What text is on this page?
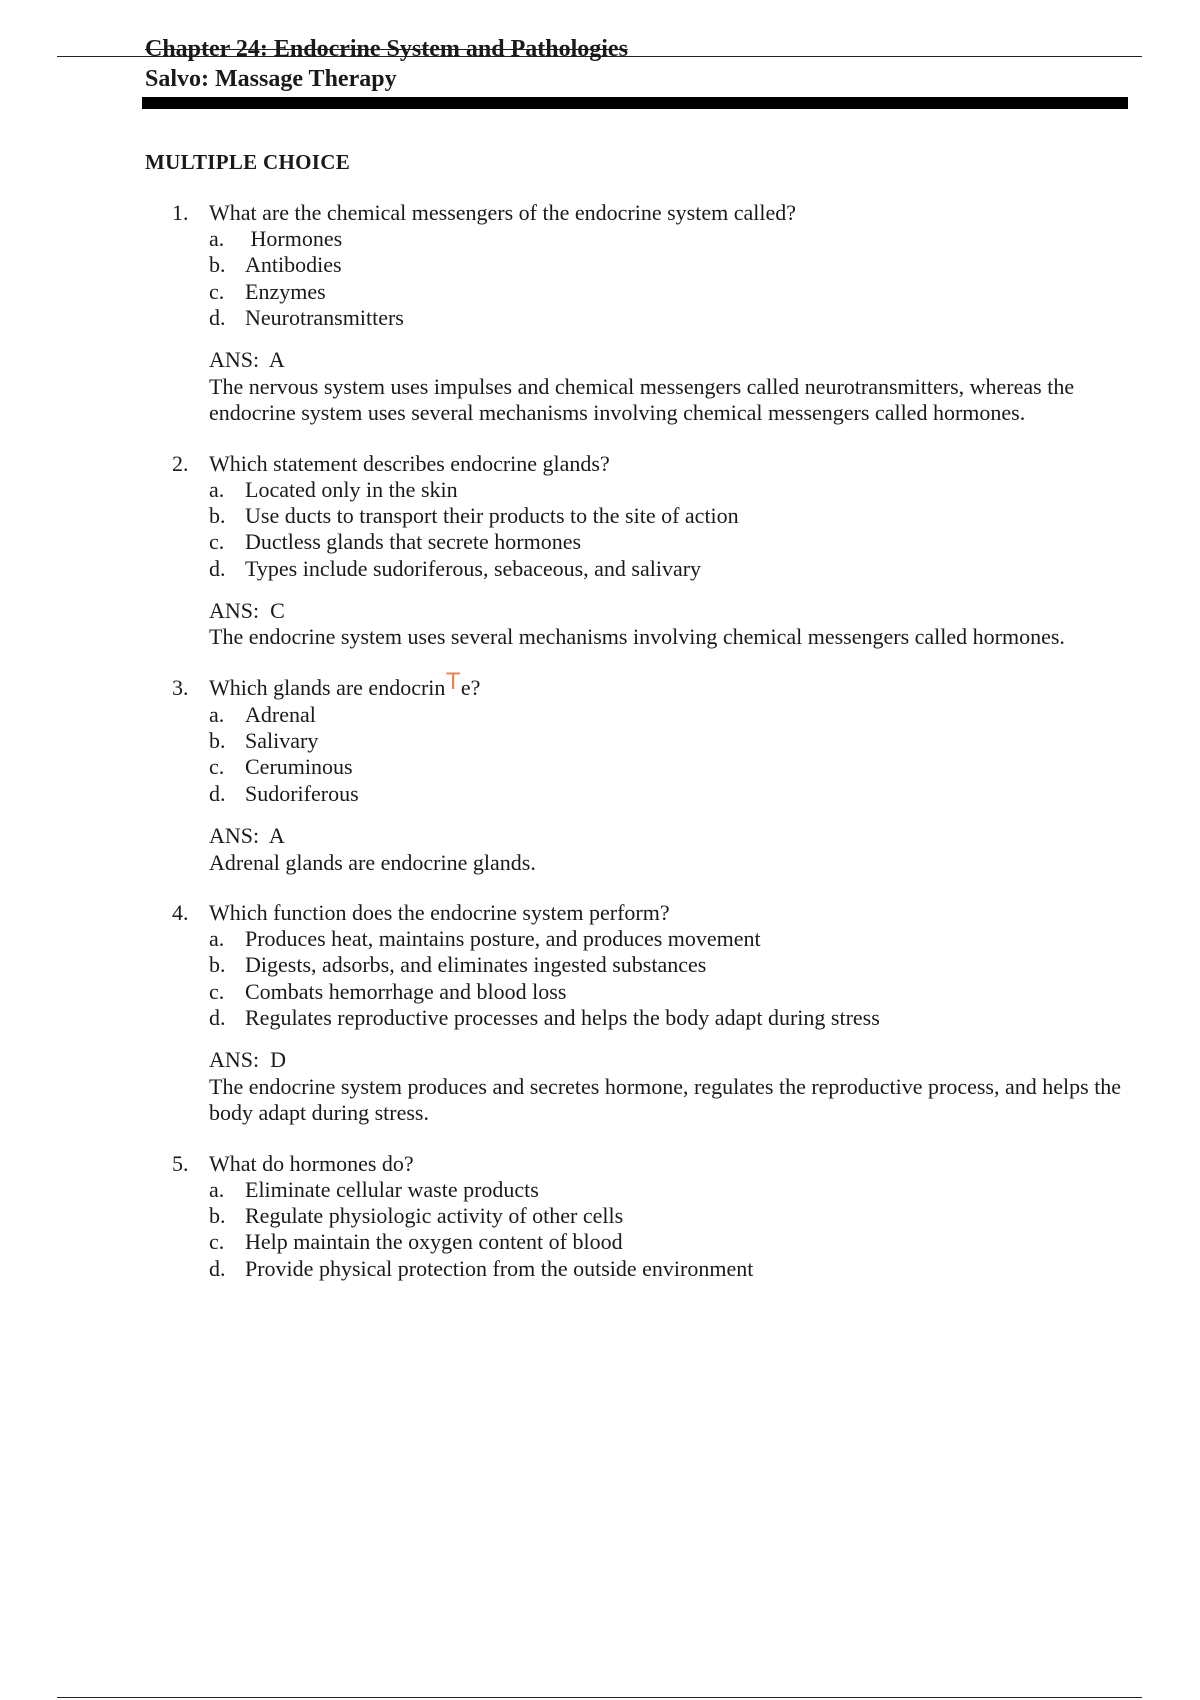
Chapter 24: Endocrine System and Pathologies
Salvo: Massage Therapy
MULTIPLE CHOICE
1. What are the chemical messengers of the endocrine system called?
a. Hormones
b. Antibodies
c. Enzymes
d. Neurotransmitters
ANS:  A
The nervous system uses impulses and chemical messengers called neurotransmitters, whereas the endocrine system uses several mechanisms involving chemical messengers called hormones.
2. Which statement describes endocrine glands?
a. Located only in the skin
b. Use ducts to transport their products to the site of action
c. Ductless glands that secrete hormones
d. Types include sudoriferous, sebaceous, and salivary
ANS:  C
The endocrine system uses several mechanisms involving chemical messengers called hormones.
3. Which glands are endocrinTe?
a. Adrenal
b. Salivary
c. Ceruminous
d. Sudoriferous
ANS:  A
Adrenal glands are endocrine glands.
4. Which function does the endocrine system perform?
a. Produces heat, maintains posture, and produces movement
b. Digests, adsorbs, and eliminates ingested substances
c. Combats hemorrhage and blood loss
d. Regulates reproductive processes and helps the body adapt during stress
ANS:  D
The endocrine system produces and secretes hormone, regulates the reproductive process, and helps the body adapt during stress.
5. What do hormones do?
a. Eliminate cellular waste products
b. Regulate physiologic activity of other cells
c. Help maintain the oxygen content of blood
d. Provide physical protection from the outside environment
